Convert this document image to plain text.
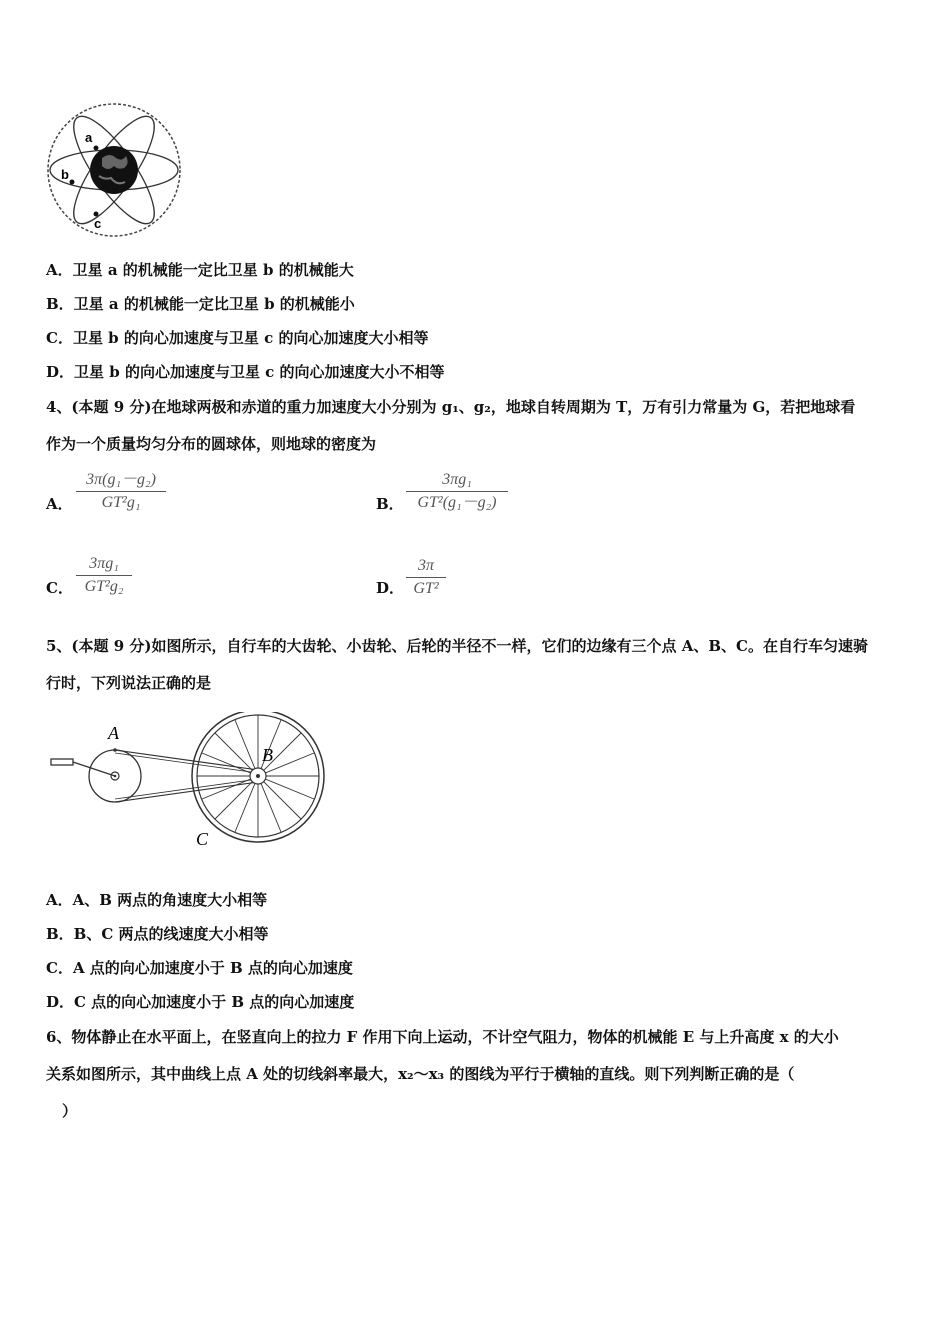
a
b
c
A．卫星 a 的机械能一定比卫星 b 的机械能大
B．卫星 a 的机械能一定比卫星 b 的机械能小
C．卫星 b 的向心加速度与卫星 c 的向心加速度大小相等
D．卫星 b 的向心加速度与卫星 c 的向心加速度大小不相等
4、(本题 9 分)在地球两极和赤道的重力加速度大小分别为 g₁、g₂，地球自转周期为 T，万有引力常量为 G，若把地球看
作为一个质量均匀分布的圆球体，则地球的密度为
A．
3π(g₁－g₂)
GT²g₁	B．
3πg₁
GT²(g₁－g₂)
C．
3πg₁
GT²g₂	D．
3π
GT²
5、(本题 9 分)如图所示，自行车的大齿轮、小齿轮、后轮的半径不一样，它们的边缘有三个点 A、B、C。在自行车匀速骑
行时，下列说法正确的是
A
B
C
A．A、B 两点的角速度大小相等
B．B、C 两点的线速度大小相等
C．A 点的向心加速度小于 B 点的向心加速度
D．C 点的向心加速度小于 B 点的向心加速度
6、物体静止在水平面上，在竖直向上的拉力 F 作用下向上运动，不计空气阻力，物体的机械能 E 与上升高度 x 的大小
关系如图所示，其中曲线上点 A 处的切线斜率最大，x₂～x₃ 的图线为平行于横轴的直线。则下列判断正确的是（
）
